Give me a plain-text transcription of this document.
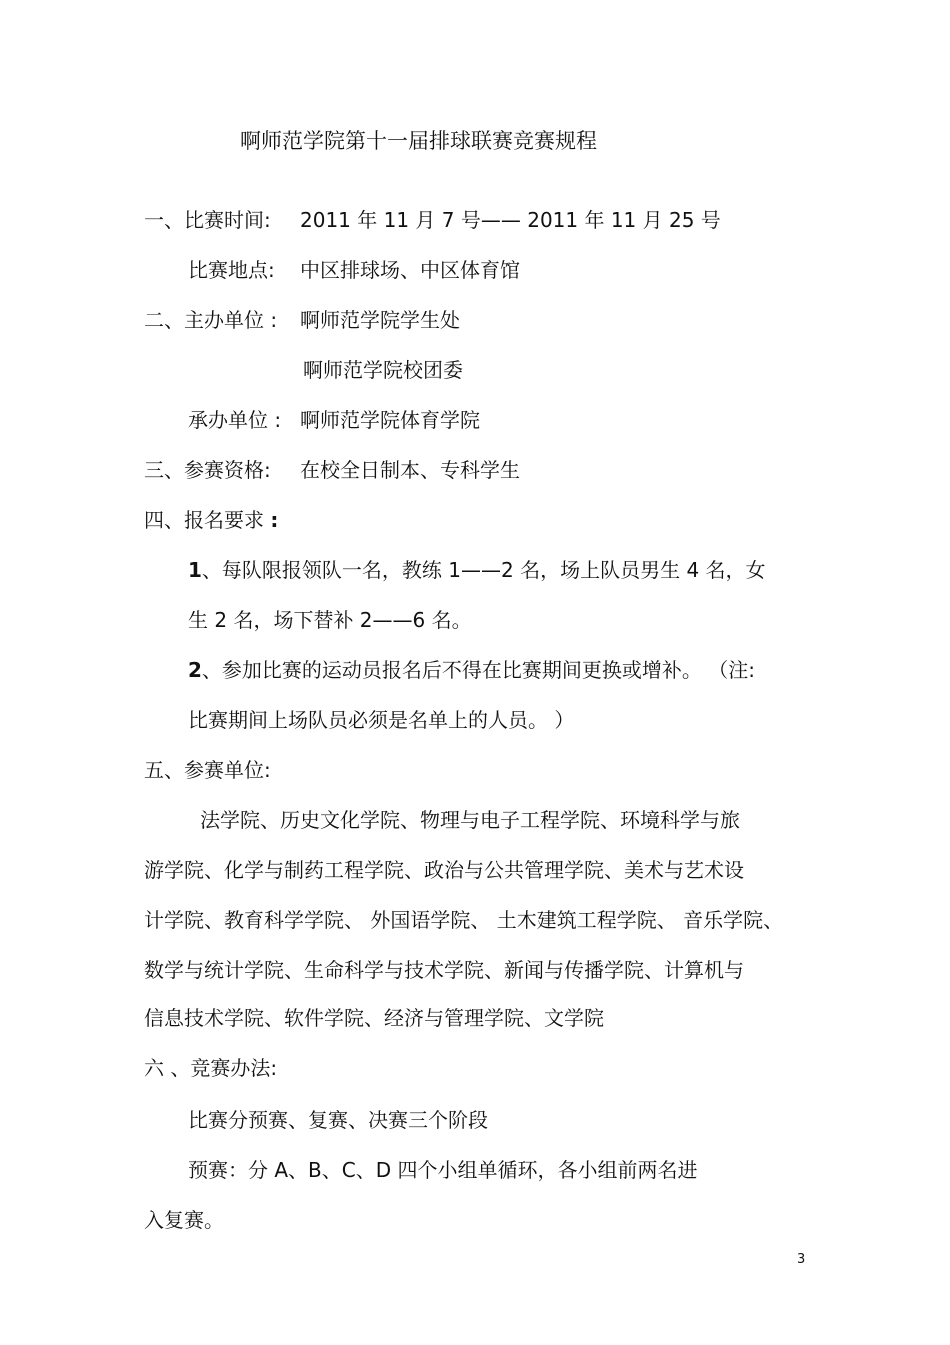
啊师范学院第十一届排球联赛竞赛规程
一、比赛时间: 2011 年 11 月 7 号—— 2011 年 11 月 25 号
比赛地点: 中区排球场、中区体育馆
二、主办单位 : 啊师范学院学生处
啊师范学院校团委
承办单位 : 啊师范学院体育学院
三、参赛资格: 在校全日制本、专科学生
四、报名要求 :
1、每队限报领队一名，教练 1——2 名，场上队员男生 4 名，女
生 2 名，场下替补 2——6 名。
2、参加比赛的运动员报名后不得在比赛期间更换或增补。 （注:
比赛期间上场队员必须是名单上的人员。 ）
五、参赛单位:
法学院、历史文化学院、物理与电子工程学院、环境科学与旅
游学院、化学与制药工程学院、政治与公共管理学院、美术与艺术设
计学院、教育科学学院、 外国语学院、 土木建筑工程学院、 音乐学院、
数学与统计学院、生命科学与技术学院、新闻与传播学院、计算机与
信息技术学院、软件学院、经济与管理学院、文学院
六 、竞赛办法:
比赛分预赛、复赛、决赛三个阶段
预赛：分 A、B、C、D 四个小组单循环，各小组前两名进
入复赛。
3
